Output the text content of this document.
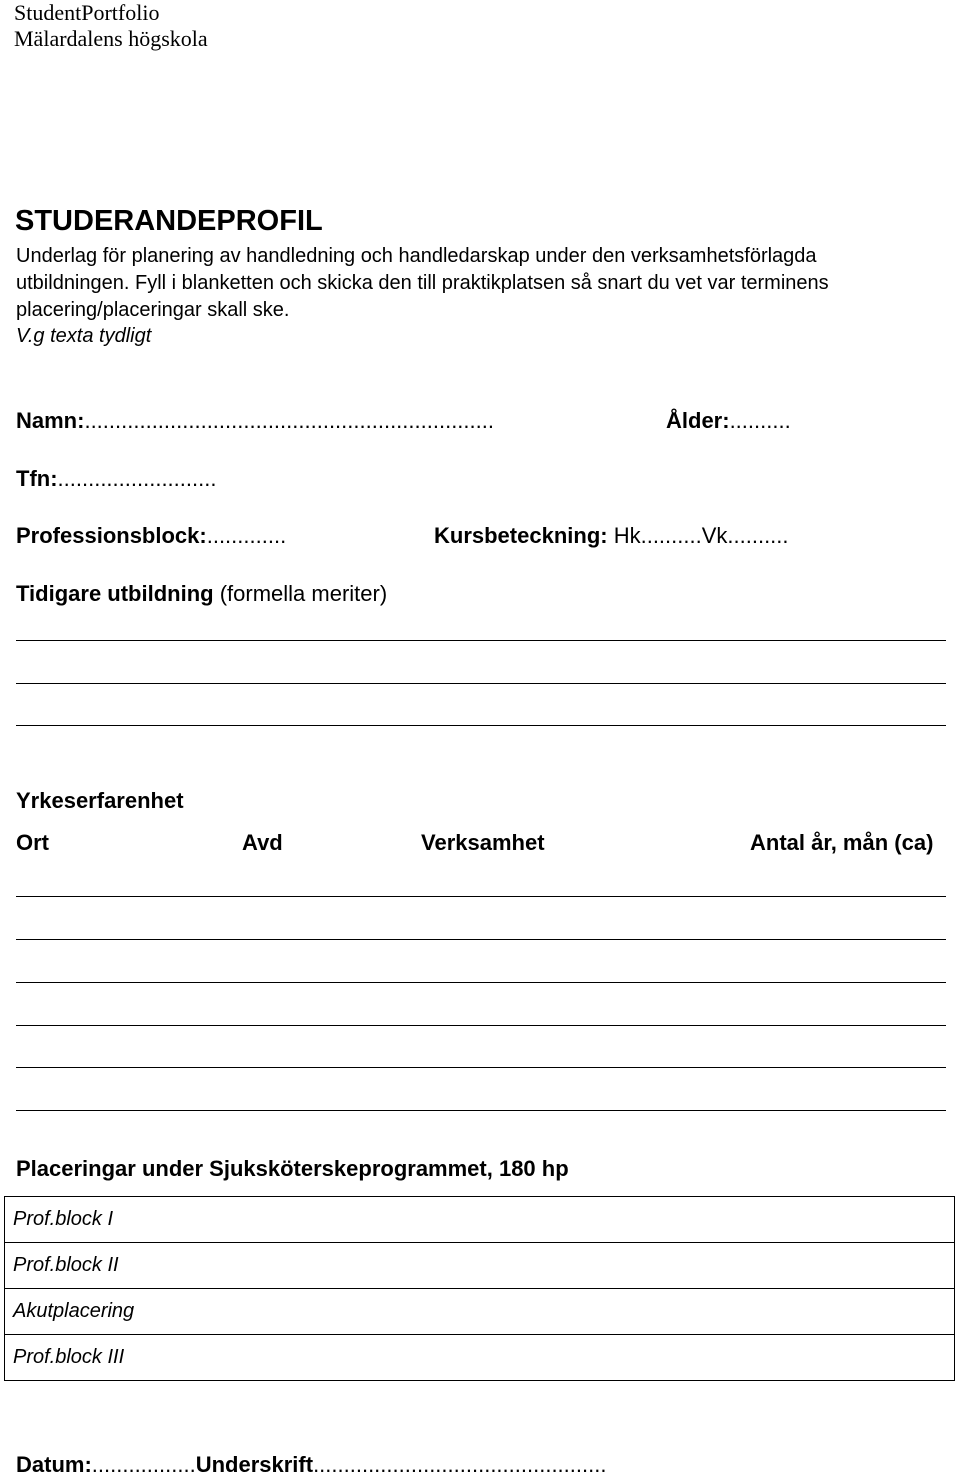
StudentPortfolio
Mälardalens högskola
STUDERANDEPROFIL
Underlag för planering av handledning och handledarskap under den verksamhetsförlagda
utbildningen. Fyll i blanketten och skicka den till praktikplatsen så snart du vet var terminens
placering/placeringar skall ske.
V.g texta tydligt
Namn:...................................................................	Ålder:..........
Tfn:..........................
Professionsblock:.............	Kursbeteckning: Hk..........Vk..........
Tidigare utbildning (formella meriter)
Yrkeserfarenhet
Ort	Avd	Verksamhet	Antal år, mån (ca)
Placeringar under Sjuksköterskeprogrammet, 180 hp
Prof.block I
Prof.block II
Akutplacering
Prof.block III
Datum:.................Underskrift................................................
